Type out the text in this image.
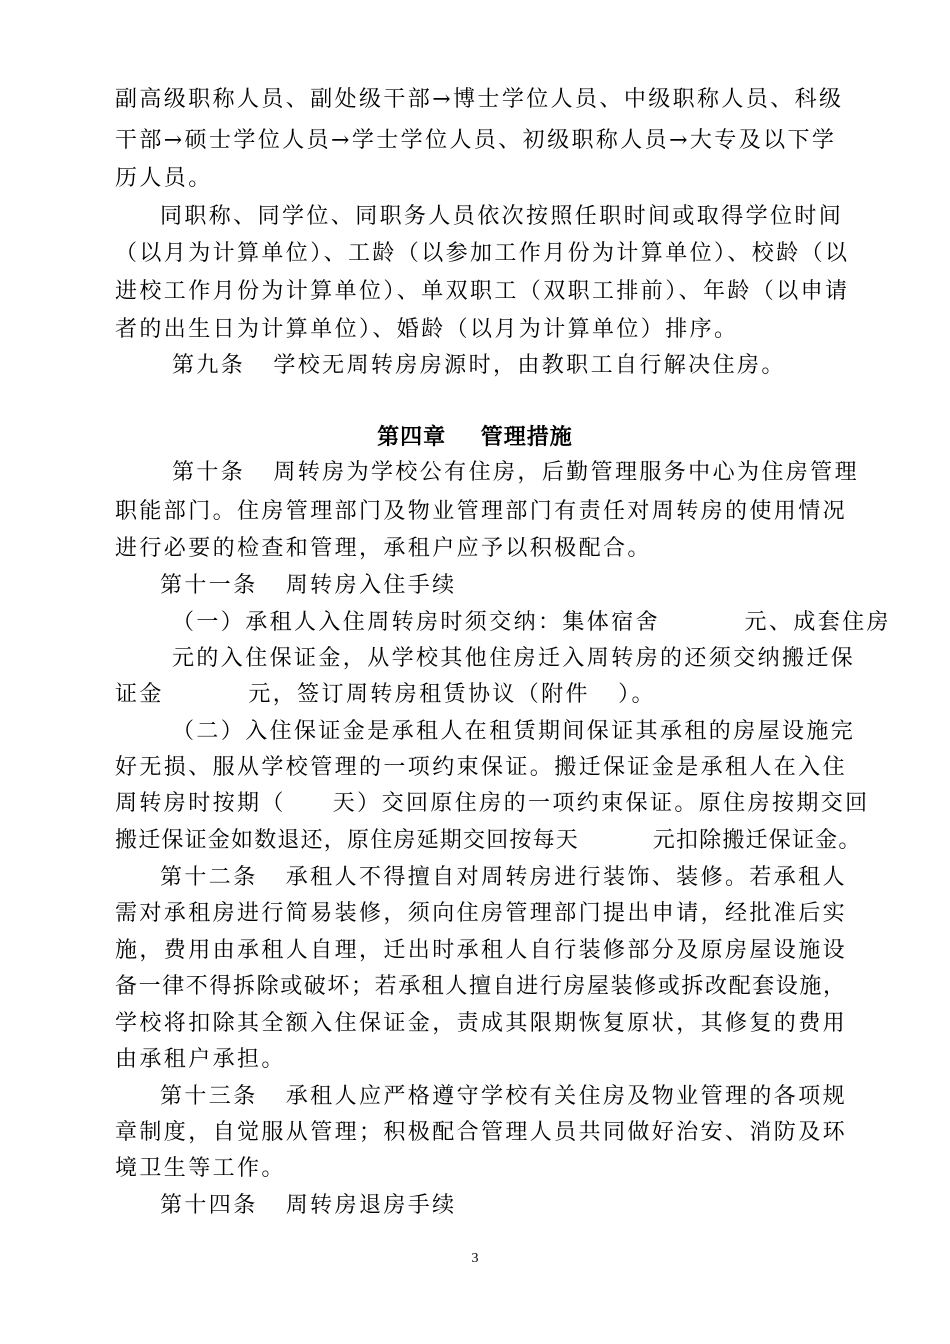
副高级职称人员、副处级干部→博士学位人员、中级职称人员、科级
干部→硕士学位人员→学士学位人员、初级职称人员→大专及以下学
历人员。
同职称、同学位、同职务人员依次按照任职时间或取得学位时间
（以月为计算单位）、工龄（以参加工作月份为计算单位）、校龄（以
进校工作月份为计算单位）、单双职工（双职工排前）、年龄（以申请
者的出生日为计算单位）、婚龄（以月为计算单位）排序。
第九条   学校无周转房房源时，由教职工自行解决住房。
第四章    管理措施
第十条   周转房为学校公有住房，后勤管理服务中心为住房管理
职能部门。住房管理部门及物业管理部门有责任对周转房的使用情况
进行必要的检查和管理，承租户应予以积极配合。
第十一条   周转房入住手续
（一）承租人入住周转房时须交纳：集体宿舍         元、成套住房
元的入住保证金，从学校其他住房迁入周转房的还须交纳搬迁保
证金         元，签订周转房租赁协议（附件   ）。
（二）入住保证金是承租人在租赁期间保证其承租的房屋设施完
好无损、服从学校管理的一项约束保证。搬迁保证金是承租人在入住
周转房时按期（     天）交回原住房的一项约束保证。原住房按期交回
搬迁保证金如数退还，原住房延期交回按每天         元扣除搬迁保证金。
第十二条   承租人不得擅自对周转房进行装饰、装修。若承租人
需对承租房进行简易装修，须向住房管理部门提出申请，经批准后实
施，费用由承租人自理，迁出时承租人自行装修部分及原房屋设施设
备一律不得拆除或破坏；若承租人擅自进行房屋装修或拆改配套设施，
学校将扣除其全额入住保证金，责成其限期恢复原状，其修复的费用
由承租户承担。
第十三条   承租人应严格遵守学校有关住房及物业管理的各项规
章制度，自觉服从管理；积极配合管理人员共同做好治安、消防及环
境卫生等工作。
第十四条   周转房退房手续
3
